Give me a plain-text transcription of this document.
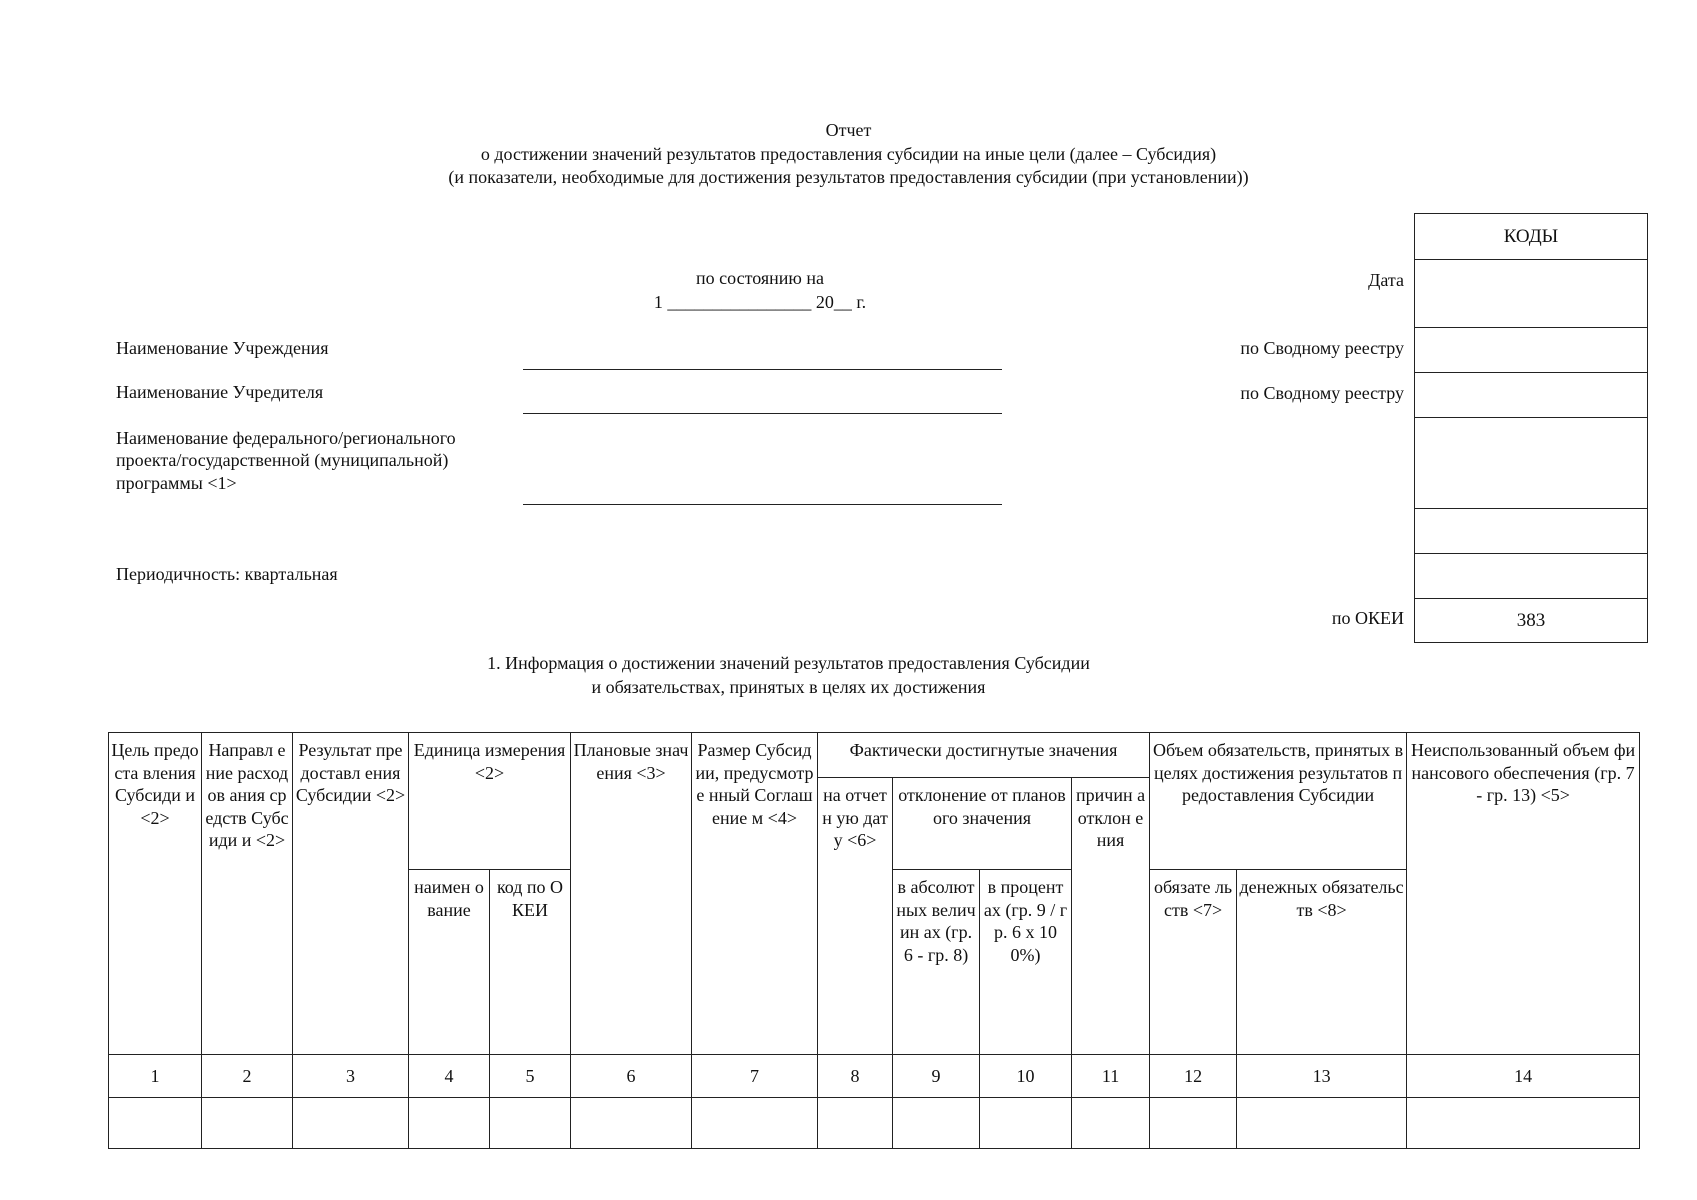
Отчет
о достижении значений результатов предоставления субсидии на иные цели (далее – Субсидия)
(и показатели, необходимые для достижения результатов предоставления субсидии (при установлении))
по состоянию на
1 ________________ 20__ г.
КОДЫ
383
Дата
по Сводному реестру
по Сводному реестру
по ОКЕИ
Наименование Учреждения
Наименование Учредителя
Наименование федерального/регионального
проекта/государственной (муниципальной)
программы <1>
Периодичность: квартальная
1. Информация о достижении значений результатов предоставления Субсидии
и обязательствах, принятых в целях их достижения
Цель предоста вления Субсиди и <2>	Направл ение расходов ания средств Субсиди и <2>	Результат предоставл ения Субсидии <2>	Единица измерения <2>		Плановые значения <3>	Размер Субсидии, предусмотре нный Соглашение м <4>	Фактически достигнутые значения				Объем обязательств, принятых в целях достижения результатов предоставления Субсидии		Неиспользованный объем финансового обеспечения (гр. 7 - гр. 13) <5>
							на отчетн ую дату <6>	отклонение от планового значения		причин а отклон ения			
			наимен ование	код по ОКЕИ				в абсолют ных величин ах (гр. 6 - гр. 8)	в процент ах (гр. 9 / гр. 6 х 100%)		обязате льств <7>	денежных обязательств <8>	
1	2	3	4	5	6	7	8	9	10	11	12	13	14
